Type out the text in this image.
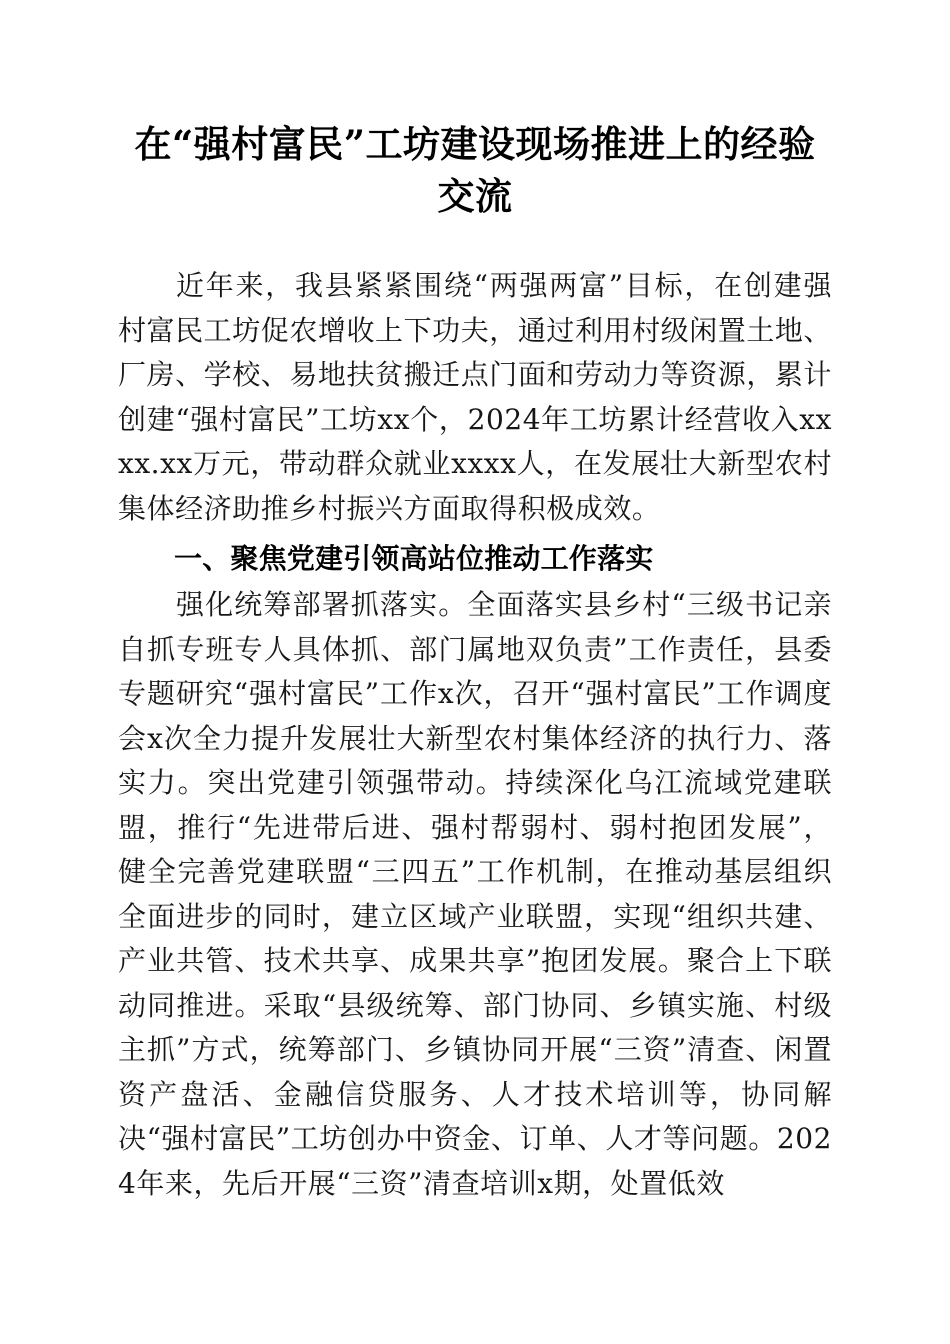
在“强村富民”工坊建设现场推进上的经验交流

近年来，我县紧紧围绕“两强两富”目标，在创建强村富民工坊促农增收上下功夫，通过利用村级闲置土地、厂房、学校、易地扶贫搬迁点门面和劳动力等资源，累计创建“强村富民”工坊xx个，2024年工坊累计经营收入xxxx.xx万元，带动群众就业xxxx人，在发展壮大新型农村集体经济助推乡村振兴方面取得积极成效。

一、聚焦党建引领高站位推动工作落实

强化统筹部署抓落实。全面落实县乡村“三级书记亲自抓专班专人具体抓、部门属地双负责”工作责任，县委专题研究“强村富民”工作x次，召开“强村富民”工作调度会x次全力提升发展壮大新型农村集体经济的执行力、落实力。突出党建引领强带动。持续深化乌江流域党建联盟，推行“先进带后进、强村帮弱村、弱村抱团发展”，健全完善党建联盟“三四五”工作机制，在推动基层组织全面进步的同时，建立区域产业联盟，实现“组织共建、产业共管、技术共享、成果共享”抱团发展。聚合上下联动同推进。采取“县级统筹、部门协同、乡镇实施、村级主抓”方式，统筹部门、乡镇协同开展“三资”清查、闲置资产盘活、金融信贷服务、人才技术培训等，协同解决“强村富民”工坊创办中资金、订单、人才等问题。2024年来，先后开展“三资”清查培训x期，处置低效
